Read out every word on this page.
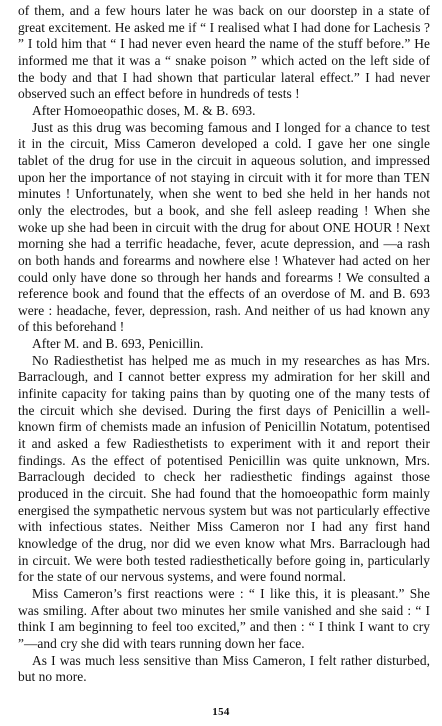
of them, and a few hours later he was back on our doorstep in a state of great excitement. He asked me if “ I realised what I had done for Lachesis ? ” I told him that “ I had never even heard the name of the stuff before.” He informed me that it was a “ snake poison ” which acted on the left side of the body and that I had shown that particular lateral effect.” I had never observed such an effect before in hundreds of tests !

After Homoeopathic doses, M. & B. 693.

Just as this drug was becoming famous and I longed for a chance to test it in the circuit, Miss Cameron developed a cold. I gave her one single tablet of the drug for use in the circuit in aqueous solution, and impressed upon her the importance of not staying in circuit with it for more than TEN minutes ! Unfortunately, when she went to bed she held in her hands not only the electrodes, but a book, and she fell asleep reading ! When she woke up she had been in circuit with the drug for about ONE HOUR ! Next morning she had a terrific headache, fever, acute depression, and —a rash on both hands and forearms and nowhere else ! Whatever had acted on her could only have done so through her hands and forearms ! We consulted a reference book and found that the effects of an overdose of M. and B. 693 were : headache, fever, depression, rash. And neither of us had known any of this beforehand !

After M. and B. 693, Penicillin.

No Radiesthetist has helped me as much in my researches as has Mrs. Barraclough, and I cannot better express my admiration for her skill and infinite capacity for taking pains than by quoting one of the many tests of the circuit which she devised. During the first days of Penicillin a well-known firm of chemists made an infusion of Penicillin Notatum, potentised it and asked a few Radiesthetists to experiment with it and report their findings. As the effect of potentised Penicillin was quite unknown, Mrs. Barraclough decided to check her radiesthetic findings against those produced in the circuit. She had found that the homoeopathic form mainly energised the sympathetic nervous system but was not particularly effective with infectious states. Neither Miss Cameron nor I had any first hand knowledge of the drug, nor did we even know what Mrs. Barraclough had in circuit. We were both tested radiesthetically before going in, particularly for the state of our nervous systems, and were found normal.

Miss Cameron’s first reactions were : “ I like this, it is pleasant.” She was smiling. After about two minutes her smile vanished and she said : “ I think I am beginning to feel too excited,” and then : “ I think I want to cry ”—and cry she did with tears running down her face.

As I was much less sensitive than Miss Cameron, I felt rather disturbed, but no more.

154
